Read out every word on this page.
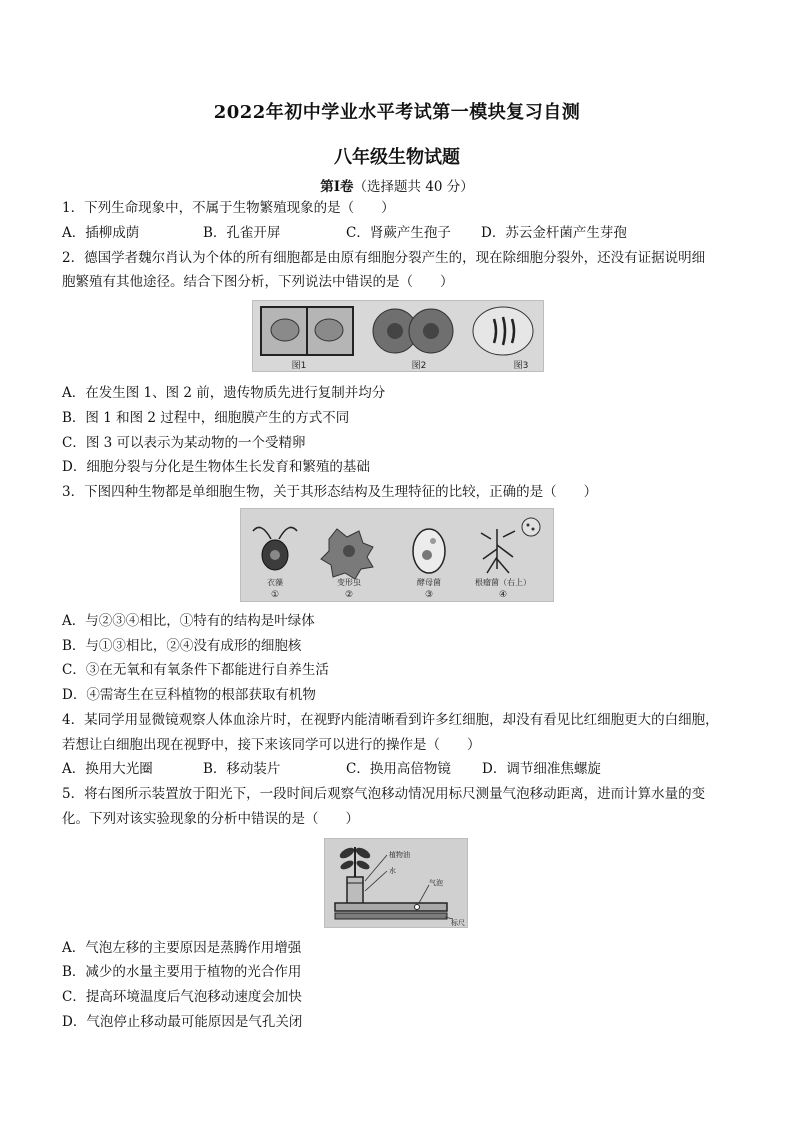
2022年初中学业水平考试第一模块复习自测
八年级生物试题
第Ⅰ卷（选择题共 40 分）
1．下列生命现象中，不属于生物繁殖现象的是（　　）
A．插柳成荫	B．孔雀开屏	C．肾蕨产生孢子 D．苏云金杆菌产生芽孢
2．德国学者魏尔肖认为个体的所有细胞都是由原有细胞分裂产生的，现在除细胞分裂外，还没有证据说明细
胞繁殖有其他途径。结合下图分析，下列说法中错误的是（　　）
图1	图2	图3
A．在发生图 1、图 2 前，遗传物质先进行复制并均分
B．图 1 和图 2 过程中，细胞膜产生的方式不同
C．图 3 可以表示为某动物的一个受精卵
D．细胞分裂与分化是生物体生长发育和繁殖的基础
3．下图四种生物都是单细胞生物，关于其形态结构及生理特征的比较，正确的是（　　）
衣藻	变形虫	酵母菌	根瘤菌（右上）
①	②	③	④
A．与②③④相比，①特有的结构是叶绿体
B．与①③相比，②④没有成形的细胞核
C．③在无氧和有氧条件下都能进行自养生活
D．④需寄生在豆科植物的根部获取有机物
4．某同学用显微镜观察人体血涂片时，在视野内能清晰看到许多红细胞，却没有看见比红细胞更大的白细胞，
若想让白细胞出现在视野中，接下来该同学可以进行的操作是（　　）
A．换用大光圈	B．移动装片	C．换用高倍物镜 D．调节细准焦螺旋
5．将右图所示装置放于阳光下，一段时间后观察气泡移动情况用标尺测量气泡移动距离，进而计算水量的变
化。下列对该实验现象的分析中错误的是（　　）
植物油
水
气泡
标尺
A．气泡左移的主要原因是蒸腾作用增强
B．减少的水量主要用于植物的光合作用
C．提高环境温度后气泡移动速度会加快
D．气泡停止移动最可能原因是气孔关闭
